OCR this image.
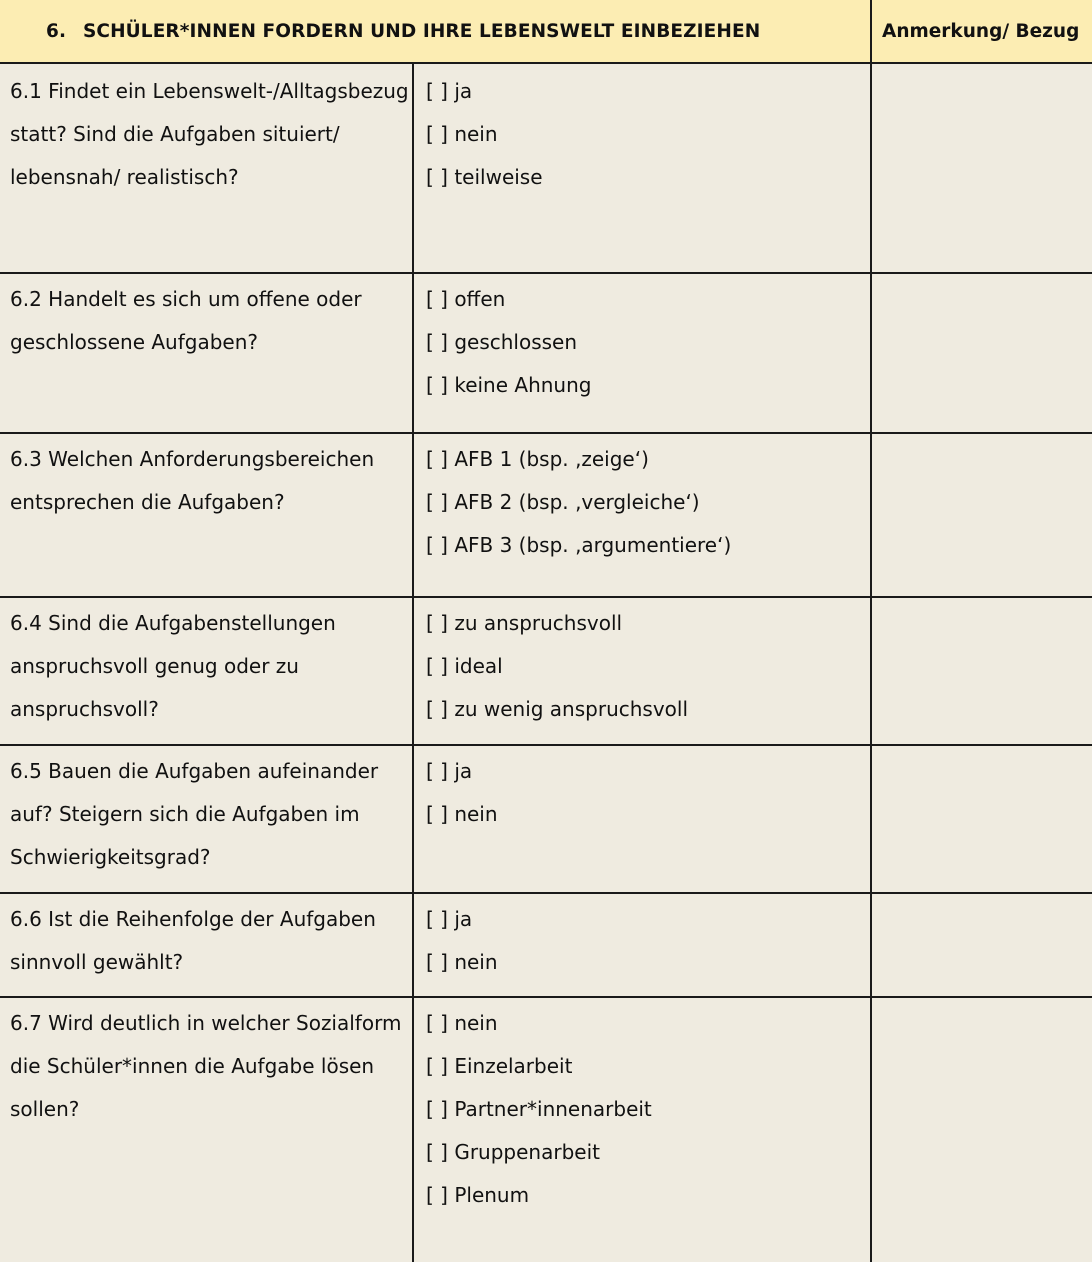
6. SCHÜLER*INNEN FORDERN UND IHRE LEBENSWELT EINBEZIEHEN	Anmerkung/ Bezug
6.1 Findet ein Lebenswelt-/Alltagsbezug
statt? Sind die Aufgaben situiert/
lebensnah/ realistisch?
[ ] ja
[ ] nein
[ ] teilweise
6.2 Handelt es sich um offene oder
geschlossene Aufgaben?
[ ] offen
[ ] geschlossen
[ ] keine Ahnung
6.3 Welchen Anforderungsbereichen
entsprechen die Aufgaben?
[ ] AFB 1 (bsp. ‚zeige‘)
[ ] AFB 2 (bsp. ‚vergleiche‘)
[ ] AFB 3 (bsp. ‚argumentiere‘)
6.4 Sind die Aufgabenstellungen
anspruchsvoll genug oder zu
anspruchsvoll?
[ ] zu anspruchsvoll
[ ] ideal
[ ] zu wenig anspruchsvoll
6.5 Bauen die Aufgaben aufeinander
auf? Steigern sich die Aufgaben im
Schwierigkeitsgrad?
[ ] ja
[ ] nein
6.6 Ist die Reihenfolge der Aufgaben
sinnvoll gewählt?
[ ] ja
[ ] nein
6.7 Wird deutlich in welcher Sozialform
die Schüler*innen die Aufgabe lösen
sollen?
[ ] nein
[ ] Einzelarbeit
[ ] Partner*innenarbeit
[ ] Gruppenarbeit
[ ] Plenum
